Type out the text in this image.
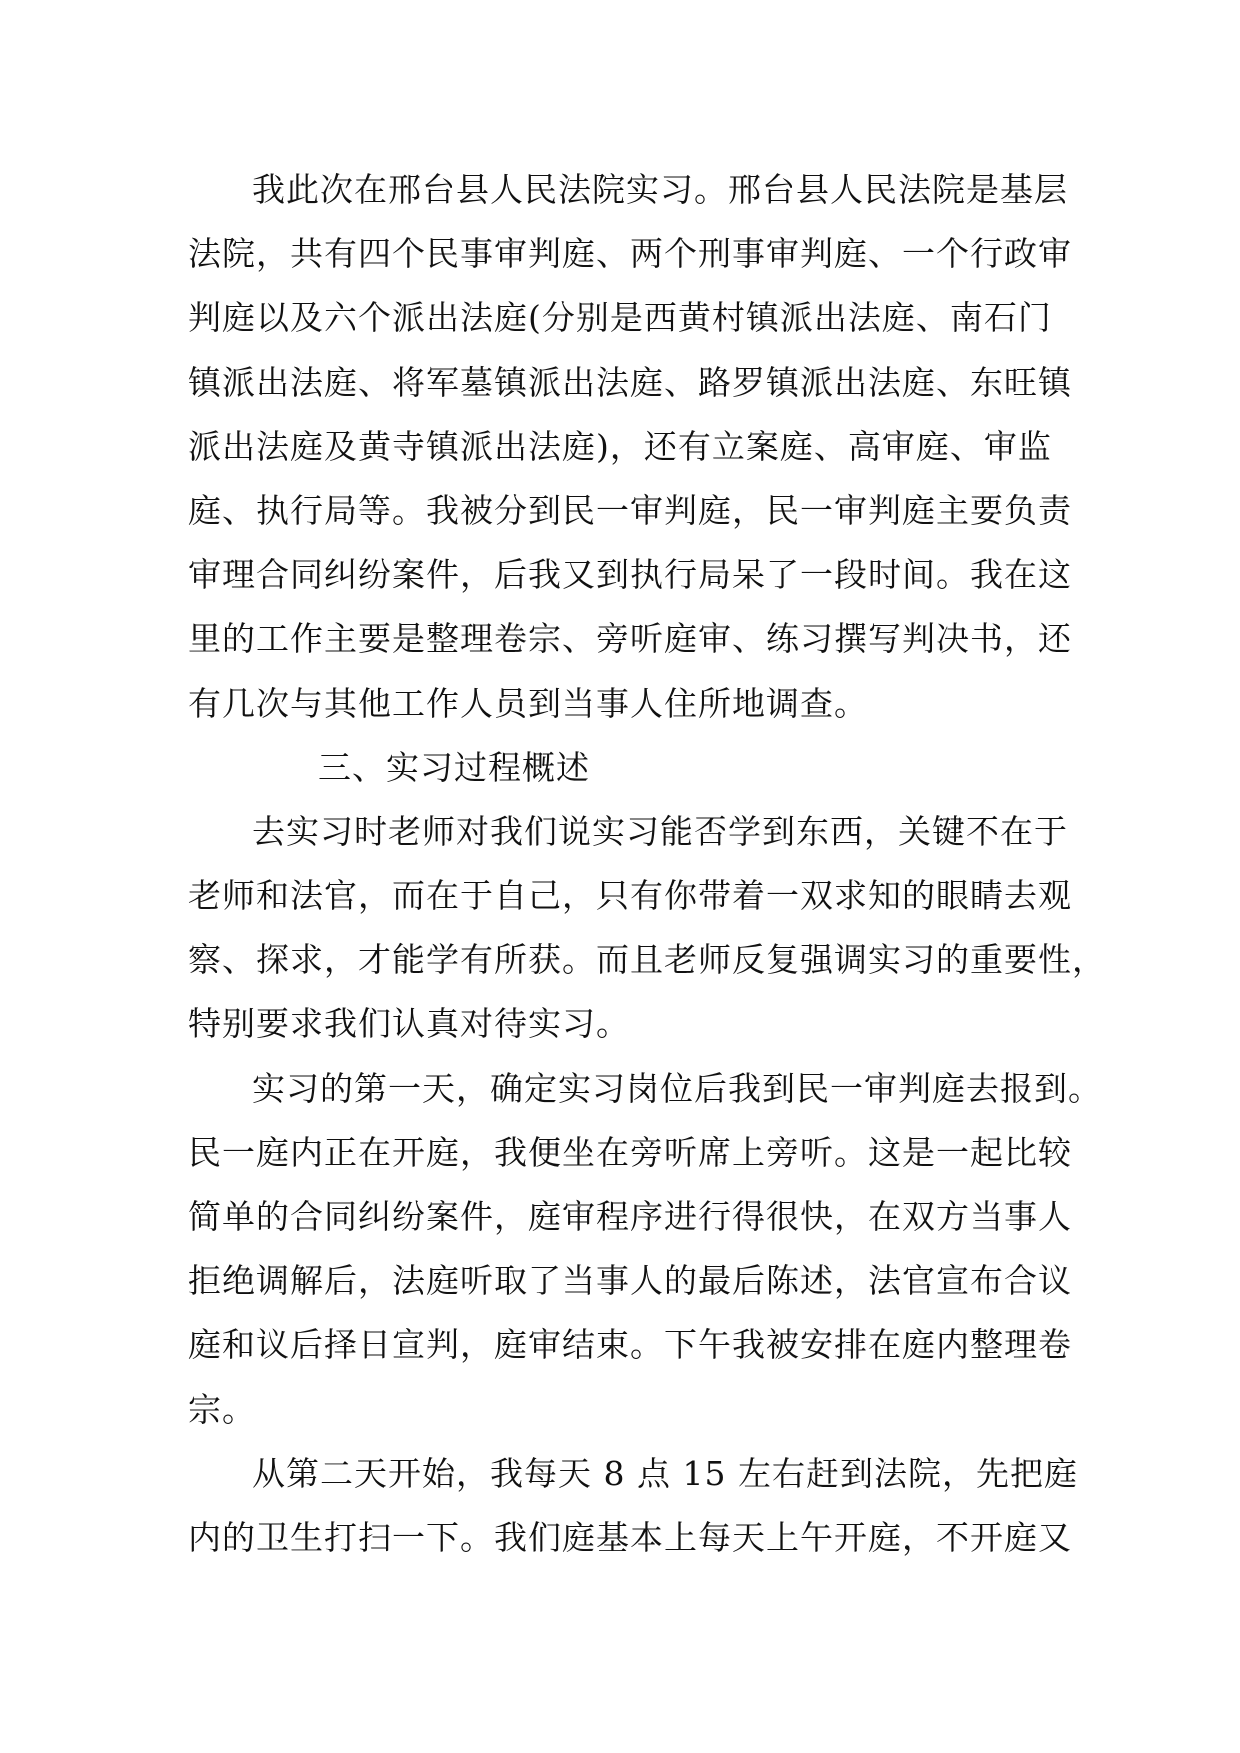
我此次在邢台县人民法院实习。邢台县人民法院是基层
法院，共有四个民事审判庭、两个刑事审判庭、一个行政审
判庭以及六个派出法庭(分别是西黄村镇派出法庭、南石门
镇派出法庭、将军墓镇派出法庭、路罗镇派出法庭、东旺镇
派出法庭及黄寺镇派出法庭)，还有立案庭、高审庭、审监
庭、执行局等。我被分到民一审判庭，民一审判庭主要负责
审理合同纠纷案件，后我又到执行局呆了一段时间。我在这
里的工作主要是整理卷宗、旁听庭审、练习撰写判决书，还
有几次与其他工作人员到当事人住所地调查。
三、实习过程概述
去实习时老师对我们说实习能否学到东西，关键不在于
老师和法官，而在于自己，只有你带着一双求知的眼睛去观
察、探求，才能学有所获。而且老师反复强调实习的重要性，
特别要求我们认真对待实习。
实习的第一天，确定实习岗位后我到民一审判庭去报到。
民一庭内正在开庭，我便坐在旁听席上旁听。这是一起比较
简单的合同纠纷案件，庭审程序进行得很快，在双方当事人
拒绝调解后，法庭听取了当事人的最后陈述，法官宣布合议
庭和议后择日宣判，庭审结束。下午我被安排在庭内整理卷
宗。
从第二天开始，我每天 8 点 15 左右赶到法院，先把庭
内的卫生打扫一下。我们庭基本上每天上午开庭，不开庭又
